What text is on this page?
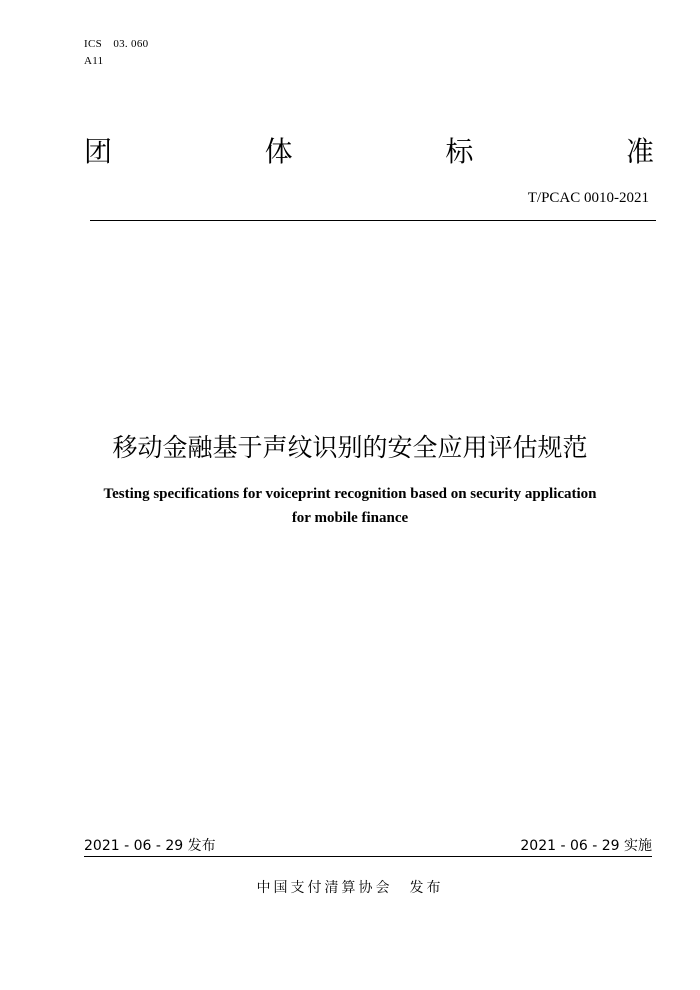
ICS　03. 060
A11
团	体	标	准
T/PCAC 0010-2021
移动金融基于声纹识别的安全应用评估规范
Testing specifications for voiceprint recognition based on security application
for mobile finance
2021 - 06 - 29 发布	2021 - 06 - 29 实施
中国支付清算协会　发布
